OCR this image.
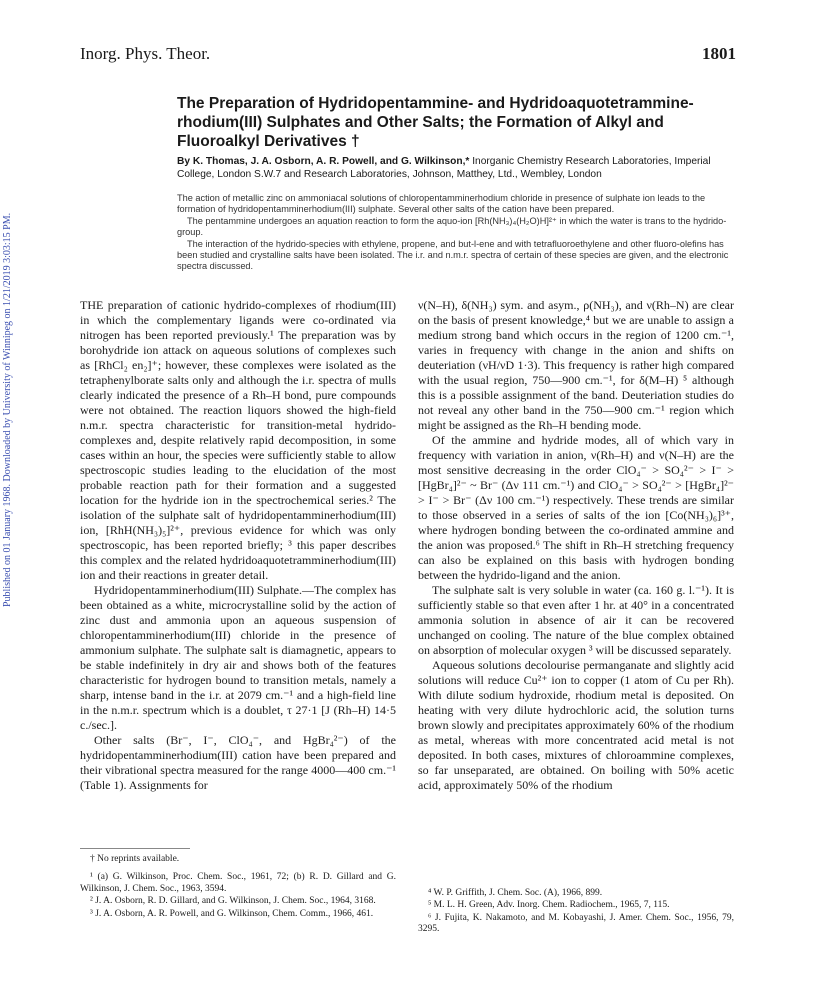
Published on 01 January 1968. Downloaded by University of Winnipeg on 1/21/2019 3:03:15 PM.
Inorg. Phys. Theor.	1801
The Preparation of Hydridopentammine- and Hydridoaquotetrammine-rhodium(III) Sulphates and Other Salts; the Formation of Alkyl and Fluoroalkyl Derivatives †
By K. Thomas, J. A. Osborn, A. R. Powell, and G. Wilkinson,* Inorganic Chemistry Research Laboratories, Imperial College, London S.W.7 and Research Laboratories, Johnson, Matthey, Ltd., Wembley, London

The action of metallic zinc on ammoniacal solutions of chloropentamminerhodium chloride in presence of sulphate ion leads to the formation of hydridopentamminerhodium(III) sulphate. Several other salts of the cation have been prepared.

The pentammine undergoes an aquation reaction to form the aquo-ion [Rh(NH₃)₄(H₂O)H]²⁺ in which the water is trans to the hydrido-group.

The interaction of the hydrido-species with ethylene, propene, and but-l-ene and with tetrafluoroethylene and other fluoro-olefins has been studied and crystalline salts have been isolated. The i.r. and n.m.r. spectra of certain of these species are given, and the electronic spectra discussed.

THE preparation of cationic hydrido-complexes of rhodium(III) in which the complementary ligands were co-ordinated via nitrogen has been reported previously.¹ The preparation was by borohydride ion attack on aqueous solutions of complexes such as [RhCl₂ en₂]⁺; however, these complexes were isolated as the tetraphenylborate salts only and although the i.r. spectra of mulls clearly indicated the presence of a Rh–H bond, pure compounds were not obtained. The reaction liquors showed the high-field n.m.r. spectra characteristic for transition-metal hydrido-complexes and, despite relatively rapid decomposition, in some cases within an hour, the species were sufficiently stable to allow spectroscopic studies leading to the elucidation of the most probable reaction path for their formation and a suggested location for the hydride ion in the spectrochemical series.² The isolation of the sulphate salt of hydridopentamminerhodium(III) ion, [RhH(NH₃)₅]²⁺, previous evidence for which was only spectroscopic, has been reported briefly; ³ this paper describes this complex and the related hydridoaquotetramminerhodium(III) ion and their reactions in greater detail.

Hydridopentamminerhodium(III) Sulphate.—The complex has been obtained as a white, microcrystalline solid by the action of zinc dust and ammonia upon an aqueous suspension of chloropentamminerhodium(III) chloride in the presence of ammonium sulphate. The sulphate salt is diamagnetic, appears to be stable indefinitely in dry air and shows both of the features characteristic for hydrogen bound to transition metals, namely a sharp, intense band in the i.r. at 2079 cm.⁻¹ and a high-field line in the n.m.r. spectrum which is a doublet, τ 27·1 [J (Rh–H) 14·5 c./sec.].

Other salts (Br⁻, I⁻, ClO₄⁻, and HgBr₄²⁻) of the hydridopentamminerhodium(III) cation have been prepared and their vibrational spectra measured for the range 4000—400 cm.⁻¹ (Table 1). Assignments for

† No reprints available.

¹ (a) G. Wilkinson, Proc. Chem. Soc., 1961, 72; (b) R. D. Gillard and G. Wilkinson, J. Chem. Soc., 1963, 3594.

² J. A. Osborn, R. D. Gillard, and G. Wilkinson, J. Chem. Soc., 1964, 3168.

³ J. A. Osborn, A. R. Powell, and G. Wilkinson, Chem. Comm., 1966, 461.

ν(N–H), δ(NH₃) sym. and asym., ρ(NH₃), and ν(Rh–N) are clear on the basis of present knowledge,⁴ but we are unable to assign a medium strong band which occurs in the region of 1200 cm.⁻¹, varies in frequency with change in the anion and shifts on deuteriation (νH/νD 1·3). This frequency is rather high compared with the usual region, 750—900 cm.⁻¹, for δ(M–H) ⁵ although this is a possible assignment of the band. Deuteriation studies do not reveal any other band in the 750—900 cm.⁻¹ region which might be assigned as the Rh–H bending mode.

Of the ammine and hydride modes, all of which vary in frequency with variation in anion, ν(Rh–H) and ν(N–H) are the most sensitive decreasing in the order ClO₄⁻ > SO₄²⁻ > I⁻ > [HgBr₄]²⁻ ~ Br⁻ (Δν 111 cm.⁻¹) and ClO₄⁻ > SO₄²⁻ > [HgBr₄]²⁻ > I⁻ > Br⁻ (Δν 100 cm.⁻¹) respectively. These trends are similar to those observed in a series of salts of the ion [Co(NH₃)₆]³⁺, where hydrogen bonding between the co-ordinated ammine and the anion was proposed.⁶ The shift in Rh–H stretching frequency can also be explained on this basis with hydrogen bonding between the hydrido-ligand and the anion.

The sulphate salt is very soluble in water (ca. 160 g. l.⁻¹). It is sufficiently stable so that even after 1 hr. at 40° in a concentrated ammonia solution in absence of air it can be recovered unchanged on cooling. The nature of the blue complex obtained on absorption of molecular oxygen ³ will be discussed separately.

Aqueous solutions decolourise permanganate and slightly acid solutions will reduce Cu²⁺ ion to copper (1 atom of Cu per Rh). With dilute sodium hydroxide, rhodium metal is deposited. On heating with very dilute hydrochloric acid, the solution turns brown slowly and precipitates approximately 60% of the rhodium as metal, whereas with more concentrated acid metal is not deposited. In both cases, mixtures of chloroammine complexes, so far unseparated, are obtained. On boiling with 50% acetic acid, approximately 50% of the rhodium

⁴ W. P. Griffith, J. Chem. Soc. (A), 1966, 899.

⁵ M. L. H. Green, Adv. Inorg. Chem. Radiochem., 1965, 7, 115.

⁶ J. Fujita, K. Nakamoto, and M. Kobayashi, J. Amer. Chem. Soc., 1956, 79, 3295.
